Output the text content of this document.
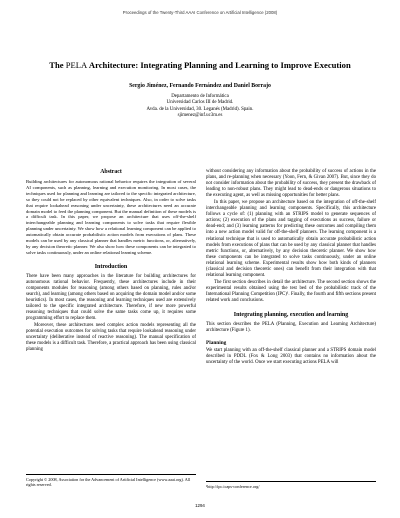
Proceedings of the Twenty-Third AAAI Conference on Artificial Intelligence (2008)
The PELA Architecture: Integrating Planning and Learning to Improve Execution
Sergio Jiménez, Fernando Fernández and Daniel Borrajo
Departamento de Informática
Universidad Carlos III de Madrid.
Avda. de la Universidad, 30. Leganés (Madrid). Spain.
sjimenez@inf.uc3m.es
Abstract

Building architectures for autonomous rational behavior requires the integration of several AI components, such as planning, learning and execution monitoring. In most cases, the techniques used for planning and learning are tailored to the specific integrated architecture, so they could not be replaced by other equivalent techniques. Also, in order to solve tasks that require lookahead reasoning under uncertainty, these architectures need an accurate domain model to feed the planning component. But the manual definition of these models is a difficult task. In this paper, we propose an architecture that uses off-the-shelf interchangeable planning and learning components to solve tasks that require flexible planning under uncertainty. We show how a relational learning component can be applied to automatically obtain accurate probabilistic action models from executions of plans. These models can be used by any classical planner that handles metric functions, or, alternatively, by any decision theoretic planner. We also show how these components can be integrated to solve tasks continuously, under an online relational learning scheme.

Introduction

There have been many approaches in the literature for building architectures for autonomous rational behavior. Frequently, these architectures include in their components modules for reasoning (among others based on planning, rules and/or search), and learning (among others based on acquiring the domain model and/or some heuristics). In most cases, the reasoning and learning techniques used are extensively tailored to the specific integrated architecture. Therefore, if new more powerful reasoning techniques that could solve the same tasks come up, it requires some programming effort to replace them.

Moreover, these architectures need complex action models representing all the potential execution outcomes for solving tasks that require lookahead reasoning under uncertainty (deliberative instead of reactive reasoning). The manual specification of these models is a difficult task. Therefore, a practical approach has been using classical planning

without considering any information about the probability of success of actions in the plans, and re-planning when necessary (Yoon, Fern, & Givan 2007). But, since they do not consider information about the probability of success, they present the drawback of leading to non-robust plans. They might lead to dead-ends or dangerous situations to the executing agent, as well as missing opportunities for better plans.

In this paper, we propose an architecture based on the integration of off-the-shelf interchangeable planning and learning components. Specifically, this architecture follows a cycle of: (1) planning with an STRIPS model to generate sequences of actions; (2) execution of the plans and tagging of executions as success, failure or dead-end; and (3) learning patterns for predicting these outcomes and compiling them into a new action model valid for off-the-shelf planners. The learning component is a relational technique that is used to automatically obtain accurate probabilistic action models from executions of plans that can be used by any classical planner that handles metric functions, or, alternatively, by any decision theoretic planner. We show how these components can be integrated to solve tasks continuously, under an online relational learning scheme. Experimental results show how both kinds of planners (classical and decision theoretic ones) can benefit from their integration with that relational learning component.

The first section describes in detail the architecture. The second section shows the experimental results obtained using the test bed of the probabilistic track of the International Planning Competition (IPC)¹. Finally, the fourth and fifth sections present related work and conclusions.

Integrating planning, execution and learning

This section describes the PELA (Planning, Execution and Learning Architecture) architecture (Figure 1).

Planning

We start planning with an off-the-shelf classical planner and a STRIPS domain model described in PDDL (Fox & Long 2003) that contains no information about the uncertainty of the world. Once we start executing actions PELA will

Copyright © 2008, Association for the Advancement of Artificial Intelligence (www.aaai.org). All rights reserved.	¹http://ipc.icaps-conference.org/
1294
